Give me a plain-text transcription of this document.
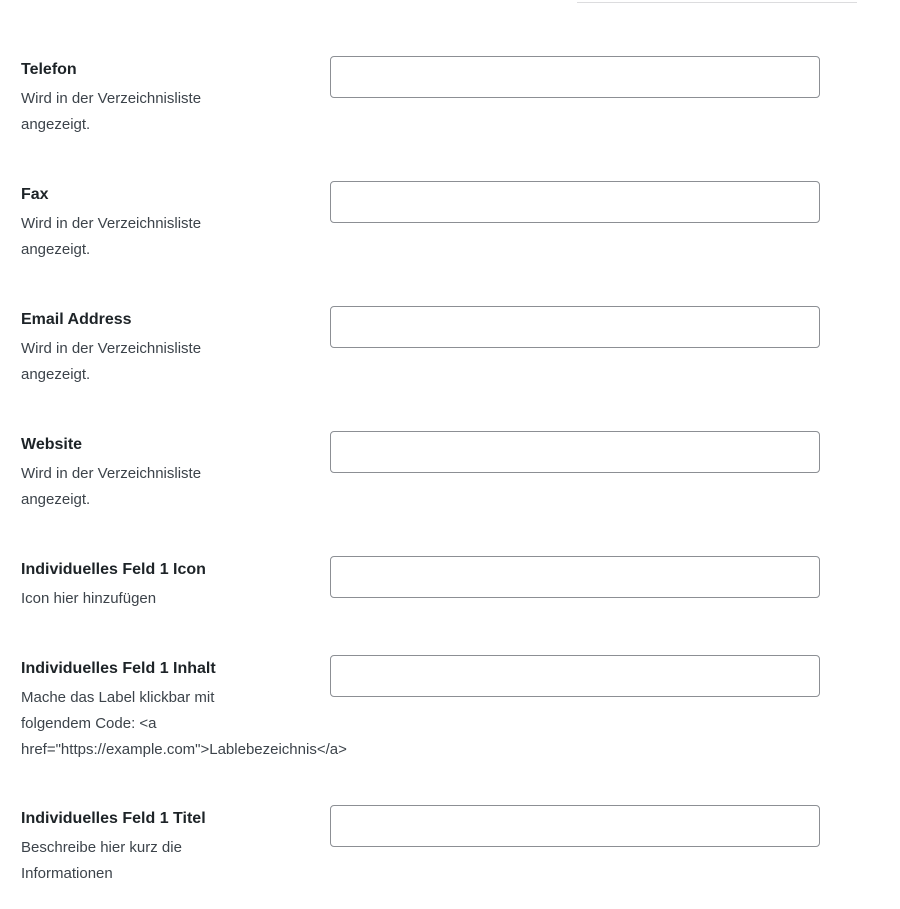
Telefon
Wird in der Verzeichnisliste angezeigt.
Fax
Wird in der Verzeichnisliste angezeigt.
Email Address
Wird in der Verzeichnisliste angezeigt.
Website
Wird in der Verzeichnisliste angezeigt.
Individuelles Feld 1 Icon
Icon hier hinzufügen
Individuelles Feld 1 Inhalt
Mache das Label klickbar mit folgendem Code: <a href="https://example.com">Lablebezeichnis</a>
Individuelles Feld 1 Titel
Beschreibe hier kurz die Informationen
